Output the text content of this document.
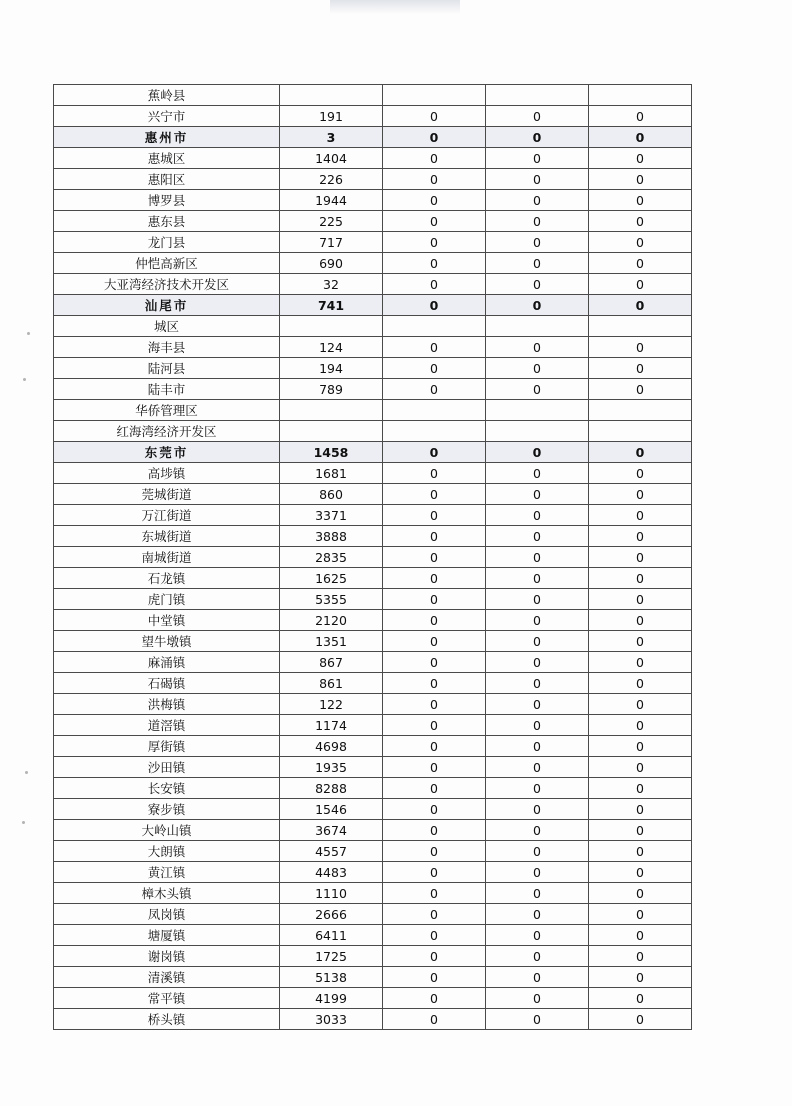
蕉岭县				
兴宁市	191	0	0	0
惠州市	3	0	0	0
惠城区	1404	0	0	0
惠阳区	226	0	0	0
博罗县	1944	0	0	0
惠东县	225	0	0	0
龙门县	717	0	0	0
仲恺高新区	690	0	0	0
大亚湾经济技术开发区	32	0	0	0
汕尾市	741	0	0	0
城区				
海丰县	124	0	0	0
陆河县	194	0	0	0
陆丰市	789	0	0	0
华侨管理区				
红海湾经济开发区				
东莞市	1458	0	0	0
高埗镇	1681	0	0	0
莞城街道	860	0	0	0
万江街道	3371	0	0	0
东城街道	3888	0	0	0
南城街道	2835	0	0	0
石龙镇	1625	0	0	0
虎门镇	5355	0	0	0
中堂镇	2120	0	0	0
望牛墩镇	1351	0	0	0
麻涌镇	867	0	0	0
石碣镇	861	0	0	0
洪梅镇	122	0	0	0
道滘镇	1174	0	0	0
厚街镇	4698	0	0	0
沙田镇	1935	0	0	0
长安镇	8288	0	0	0
寮步镇	1546	0	0	0
大岭山镇	3674	0	0	0
大朗镇	4557	0	0	0
黄江镇	4483	0	0	0
樟木头镇	1110	0	0	0
凤岗镇	2666	0	0	0
塘厦镇	6411	0	0	0
谢岗镇	1725	0	0	0
清溪镇	5138	0	0	0
常平镇	4199	0	0	0
桥头镇	3033	0	0	0
